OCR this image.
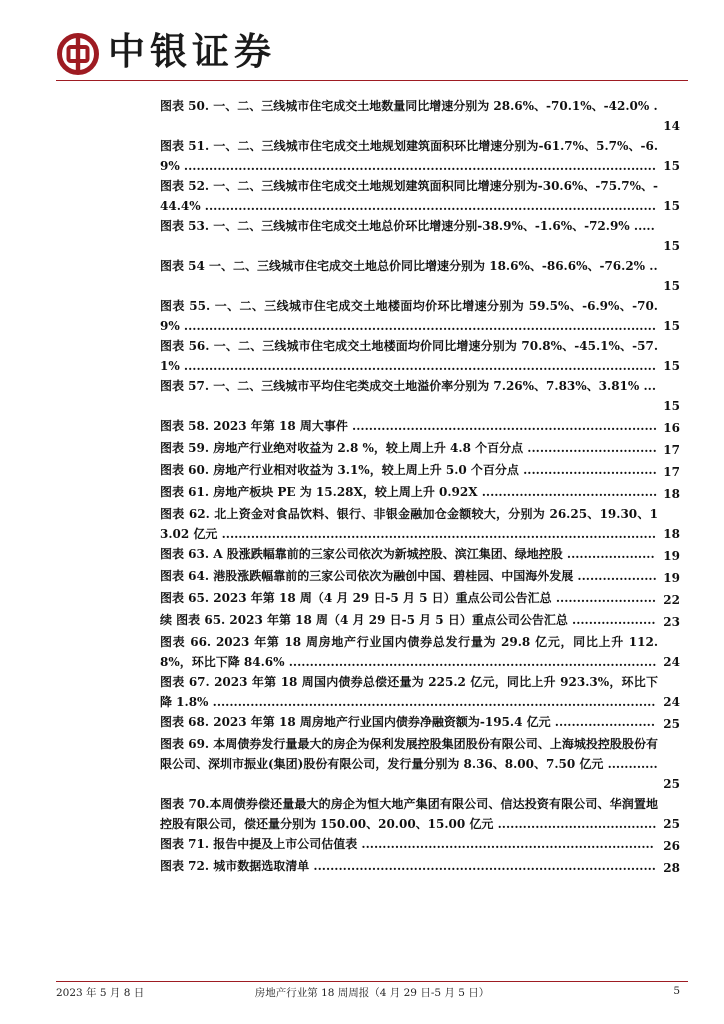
中银证券
图表 50. 一、二、三线城市住宅成交土地数量同比增速分别为 28.6%、-70.1%、-42.0% .
14
图表 51. 一、二、三线城市住宅成交土地规划建筑面积环比增速分别为-61.7%、5.7%、-6.9% ................................................................................................................. 15
图表 52. 一、二、三线城市住宅成交土地规划建筑面积同比增速分别为-30.6%、-75.7%、-44.4% ............................................................................................................ 15
图表 53. 一、二、三线城市住宅成交土地总价环比增速分别-38.9%、-1.6%、-72.9% .....
15
图表 54 一、二、三线城市住宅成交土地总价同比增速分别为 18.6%、-86.6%、-76.2% ..
15
图表 55. 一、二、三线城市住宅成交土地楼面均价环比增速分别为 59.5%、-6.9%、-70.9% ................................................................................................................. 15
图表 56. 一、二、三线城市住宅成交土地楼面均价同比增速分别为 70.8%、-45.1%、-57.1% ................................................................................................................. 15
图表 57. 一、二、三线城市平均住宅类成交土地溢价率分别为 7.26%、7.83%、3.81% ...
15
图表 58. 2023 年第 18 周大事件 ......................................................................... 16
图表 59. 房地产行业绝对收益为 2.8 %，较上周上升 4.8 个百分点 ............................... 17
图表 60. 房地产行业相对收益为 3.1%，较上周上升 5.0 个百分点 ................................ 17
图表 61. 房地产板块 PE 为 15.28X，较上周上升 0.92X .......................................... 18
图表 62. 北上资金对食品饮料、银行、非银金融加仓金额较大，分别为 26.25、19.30、13.02 亿元 ........................................................................................................ 18
图表 63. A 股涨跌幅靠前的三家公司依次为新城控股、滨江集团、绿地控股 ..................... 19
图表 64. 港股涨跌幅靠前的三家公司依次为融创中国、碧桂园、中国海外发展 ................... 19
图表 65. 2023 年第 18 周（4 月 29 日-5 月 5 日）重点公司公告汇总 ........................ 22
续 图表 65. 2023 年第 18 周（4 月 29 日-5 月 5 日）重点公司公告汇总 .................... 23
图表 66. 2023 年第 18 周房地产行业国内债券总发行量为 29.8 亿元，同比上升 112.8%，环比下降 84.6% ........................................................................................ 24
图表 67. 2023 年第 18 周国内债券总偿还量为 225.2 亿元，同比上升 923.3%，环比下降 1.8% .......................................................................................................... 24
图表 68. 2023 年第 18 周房地产行业国内债券净融资额为-195.4 亿元 ........................ 25
图表 69. 本周债券发行量最大的房企为保利发展控股集团股份有限公司、上海城投控股股份有限公司、深圳市振业(集团)股份有限公司，发行量分别为 8.36、8.00、7.50 亿元 ............
25
图表 70.本周债券偿还量最大的房企为恒大地产集团有限公司、信达投资有限公司、华润置地控股有限公司，偿还量分别为 150.00、20.00、15.00 亿元 ...................................... 25
图表 71. 报告中提及上市公司估值表 ...................................................................... 26
图表 72. 城市数据选取清单 .................................................................................. 28
2023 年 5 月 8 日	房地产行业第 18 周周报（4 月 29 日-5 月 5 日）	5
